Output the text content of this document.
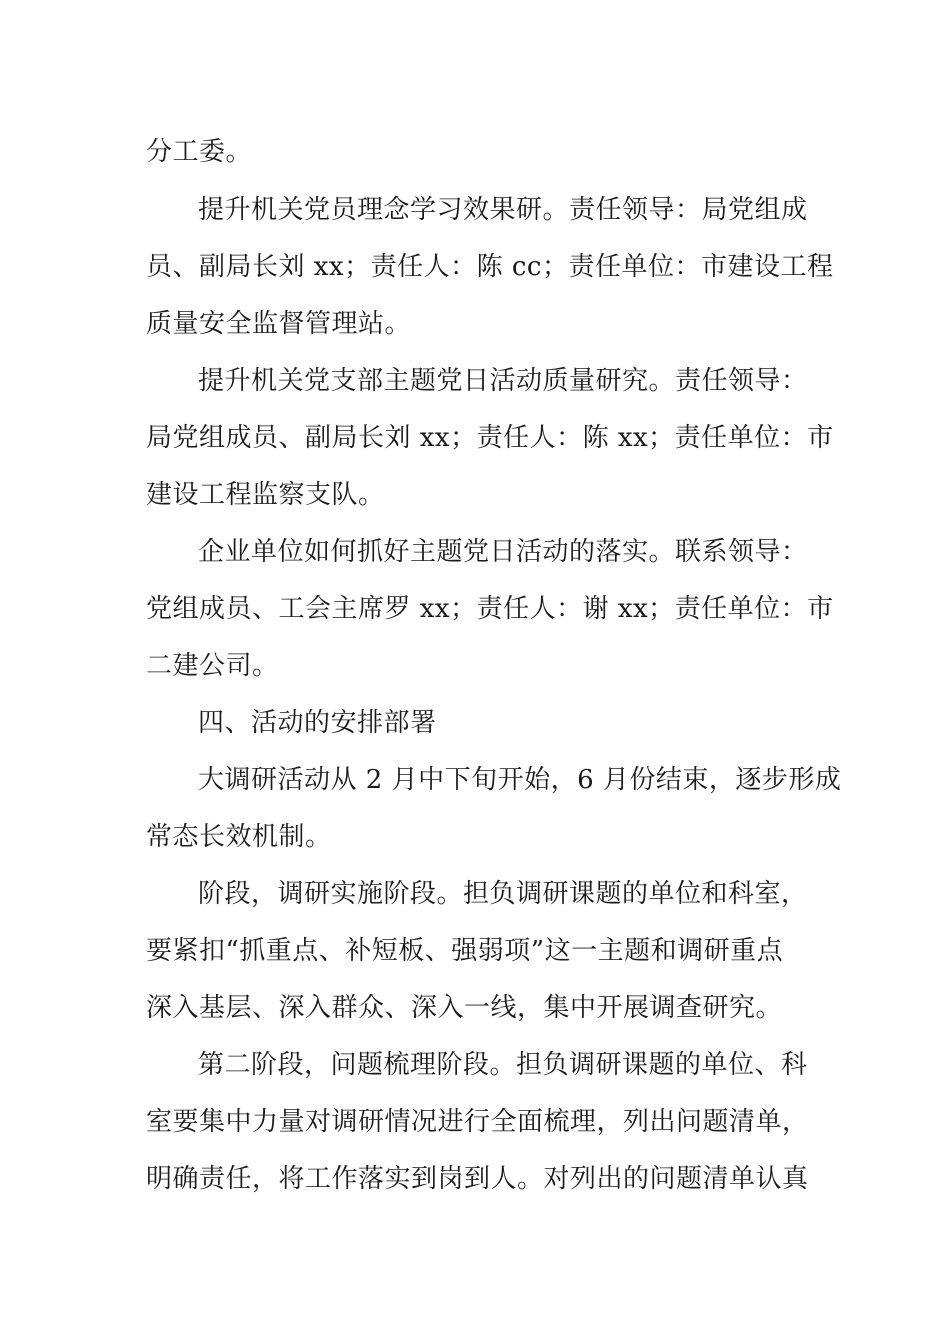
分工委。
提升机关党员理念学习效果研。责任领导：局党组成
员、副局长刘 xx；责任人：陈 cc；责任单位：市建设工程
质量安全监督管理站。
提升机关党支部主题党日活动质量研究。责任领导：
局党组成员、副局长刘 xx；责任人：陈 xx；责任单位：市
建设工程监察支队。
企业单位如何抓好主题党日活动的落实。联系领导：
党组成员、工会主席罗 xx；责任人：谢 xx；责任单位：市
二建公司。
四、活动的安排部署
大调研活动从 2 月中下旬开始，6 月份结束，逐步形成
常态长效机制。
阶段，调研实施阶段。担负调研课题的单位和科室，
要紧扣“抓重点、补短板、强弱项”这一主题和调研重点
深入基层、深入群众、深入一线，集中开展调查研究。
第二阶段，问题梳理阶段。担负调研课题的单位、科
室要集中力量对调研情况进行全面梳理，列出问题清单，
明确责任，将工作落实到岗到人。对列出的问题清单认真
